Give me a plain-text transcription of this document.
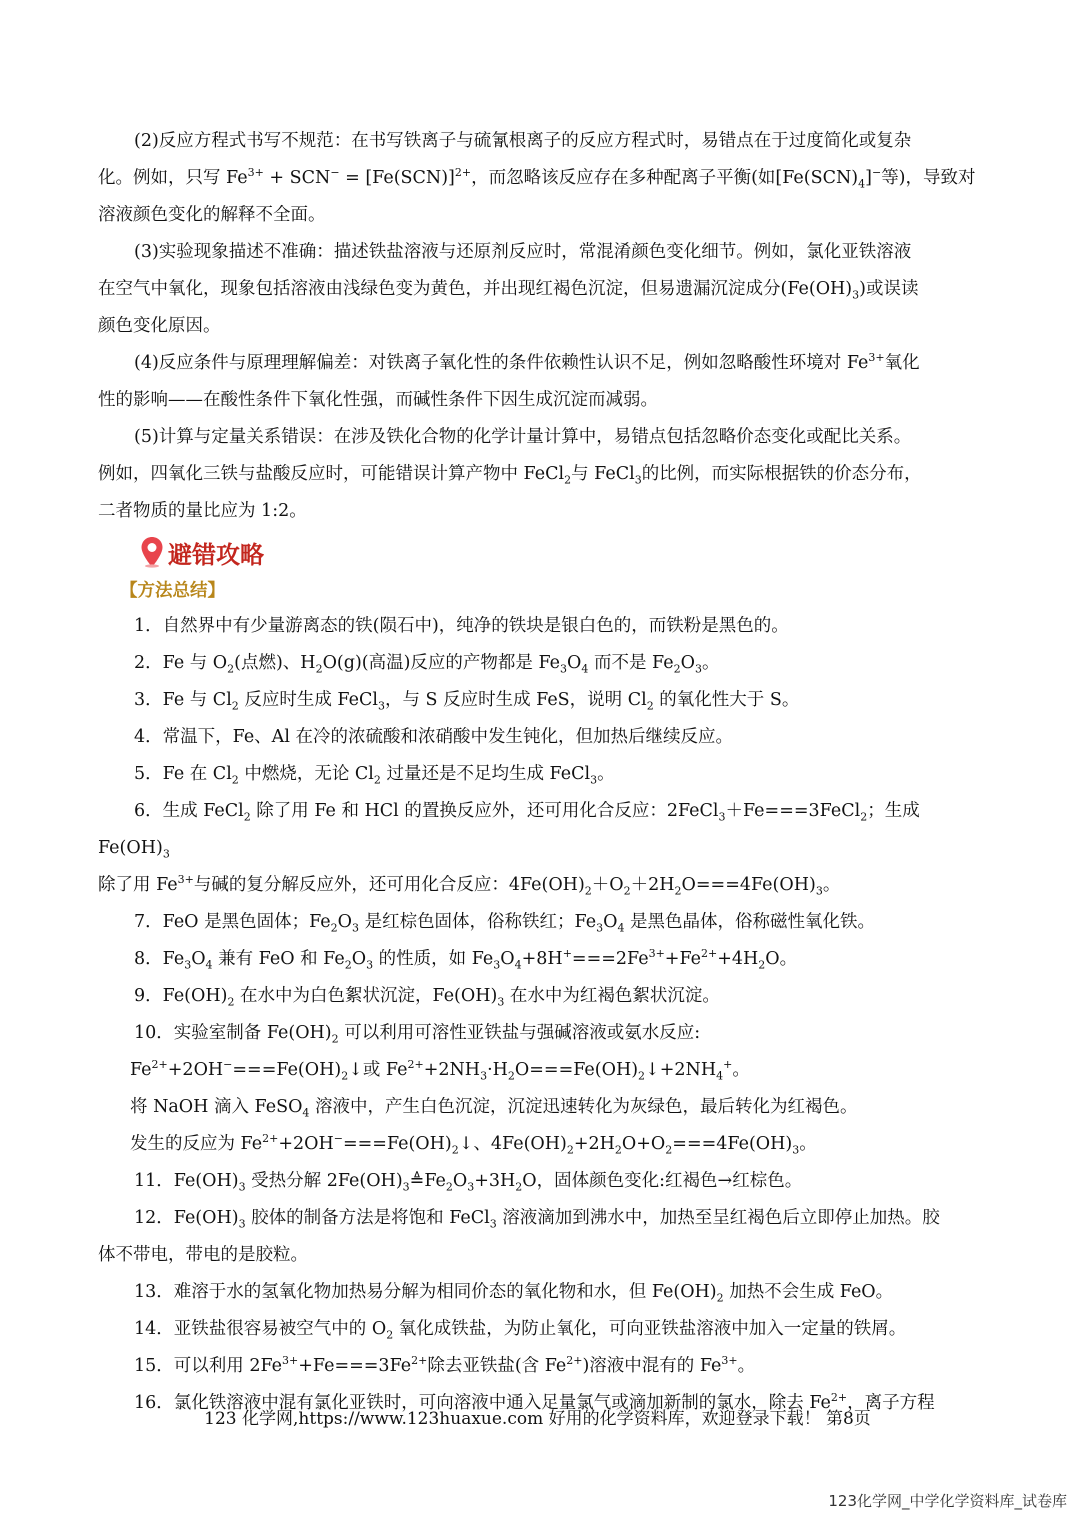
(2)反应方程式书写不规范：在书写铁离子与硫氰根离子的反应方程式时，易错点在于过度简化或复杂
化。例如，只写 $Fe^{3+} + SCN^- = [Fe(SCN)]^{2+}$，而忽略该反应存在多种配离子平衡(如$[Fe(SCN)_4]^-$等)，导致对
溶液颜色变化的解释不全面。

(3)实验现象描述不准确：描述铁盐溶液与还原剂反应时，常混淆颜色变化细节。例如，氯化亚铁溶液
在空气中氧化，现象包括溶液由浅绿色变为黄色，并出现红褐色沉淀，但易遗漏沉淀成分$(Fe(OH)_3)$或误读
颜色变化原因。

(4)反应条件与原理理解偏差：对铁离子氧化性的条件依赖性认识不足，例如忽略酸性环境对 $Fe^{3+}$氧化
性的影响——在酸性条件下氧化性强，而碱性条件下因生成沉淀而减弱。

(5)计算与定量关系错误：在涉及铁化合物的化学计量计算中，易错点包括忽略价态变化或配比关系。
例如，四氧化三铁与盐酸反应时，可能错误计算产物中 FeCl$_2$与 FeCl$_3$的比例，而实际根据铁的价态分布，
二者物质的量比应为 1:2。

避错攻略

【方法总结】

1．自然界中有少量游离态的铁(陨石中)，纯净的铁块是银白色的，而铁粉是黑色的。

2．Fe 与 $O_2$(点燃)、$H_2O(g)$(高温)反应的产物都是 $Fe_3O_4$ 而不是 $Fe_2O_3$。

3．Fe 与 $Cl_2$ 反应时生成 FeCl$_3$，与 S 反应时生成 FeS，说明 $Cl_2$ 的氧化性大于 S。

4．常温下，Fe、Al 在冷的浓硫酸和浓硝酸中发生钝化，但加热后继续反应。

5．Fe 在 $Cl_2$ 中燃烧，无论 $Cl_2$ 过量还是不足均生成 FeCl$_3$。

6．生成 FeCl$_2$ 除了用 Fe 和 HCl 的置换反应外，还可用化合反应：2FeCl$_3$＋Fe===3FeCl$_2$；生成 $Fe(OH)_3$
除了用 $Fe^{3+}$与碱的复分解反应外，还可用化合反应：$4Fe(OH)_2+O_2+2H_2O===4Fe(OH)_3$。

7．FeO 是黑色固体；$Fe_2O_3$ 是红棕色固体，俗称铁红；$Fe_3O_4$ 是黑色晶体，俗称磁性氧化铁。

8．$Fe_3O_4$ 兼有 FeO 和 $Fe_2O_3$ 的性质，如 $Fe_3O_4+8H^+===2Fe^{3+}+Fe^{2+}+4H_2O$。

9．$Fe(OH)_2$ 在水中为白色絮状沉淀，$Fe(OH)_3$ 在水中为红褐色絮状沉淀。

10．实验室制备 $Fe(OH)_2$ 可以利用可溶性亚铁盐与强碱溶液或氨水反应:

$Fe^{2+}+2OH^-===Fe(OH)_2↓$或 $Fe^{2+}+2NH_3\cdot H_2O===Fe(OH)_2↓+2NH_4^+$。

将 NaOH 滴入 FeSO$_4$ 溶液中，产生白色沉淀，沉淀迅速转化为灰绿色，最后转化为红褐色。

发生的反应为 $Fe^{2+}+2OH^-===Fe(OH)_2↓$、$4Fe(OH)_2+2H_2O+O_2===4Fe(OH)_3$。

11．$Fe(OH)_3$ 受热分解 $2Fe(OH)_3≜Fe_2O_3+3H_2O$，固体颜色变化:红褐色→红棕色。

12．$Fe(OH)_3$ 胶体的制备方法是将饱和 FeCl$_3$ 溶液滴加到沸水中，加热至呈红褐色后立即停止加热。胶
体不带电，带电的是胶粒。

13．难溶于水的氢氧化物加热易分解为相同价态的氧化物和水，但 $Fe(OH)_2$ 加热不会生成 FeO。

14．亚铁盐很容易被空气中的 $O_2$ 氧化成铁盐，为防止氧化，可向亚铁盐溶液中加入一定量的铁屑。

15．可以利用 $2Fe^{3+}+Fe===3Fe^{2+}$除去亚铁盐(含 $Fe^{2+}$)溶液中混有的 $Fe^{3+}$。

16．氯化铁溶液中混有氯化亚铁时，可向溶液中通入足量氯气或滴加新制的氯水，除去 $Fe^{2+}$，离子方程

123 化学网,https://www.123huaxue.com 好用的化学资料库，欢迎登录下载！ 第8页
123化学网_中学化学资料库_试卷库
